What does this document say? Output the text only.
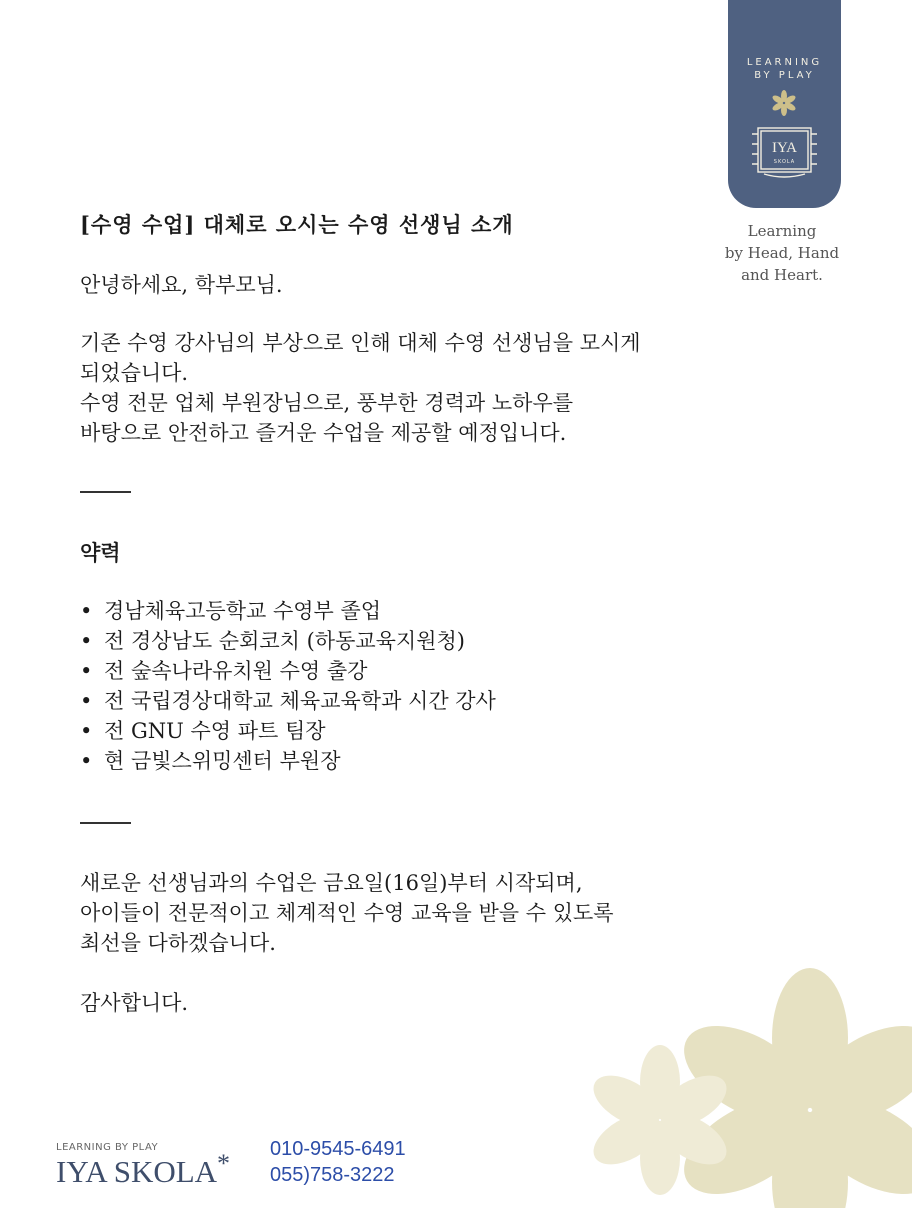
LEARNING
BY PLAY
IYA
SKOLA
Learning
by Head, Hand
and Heart.
[수영 수업] 대체로 오시는 수영 선생님 소개
안녕하세요, 학부모님.
기존 수영 강사님의 부상으로 인해 대체 수영 선생님을 모시게
되었습니다.
수영 전문 업체 부원장님으로, 풍부한 경력과 노하우를
바탕으로 안전하고 즐거운 수업을 제공할 예정입니다.
약력
• 경남체육고등학교 수영부 졸업
• 전 경상남도 순회코치 (하동교육지원청)
• 전 숲속나라유치원 수영 출강
• 전 국립경상대학교 체육교육학과 시간 강사
• 전 GNU 수영 파트 팀장
• 현 금빛스위밍센터 부원장
새로운 선생님과의 수업은 금요일(16일)부터 시작되며,
아이들이 전문적이고 체계적인 수영 교육을 받을 수 있도록
최선을 다하겠습니다.
감사합니다.
LEARNING BY PLAY
IYA SKOLA* 010-9545-6491
055)758-3222
